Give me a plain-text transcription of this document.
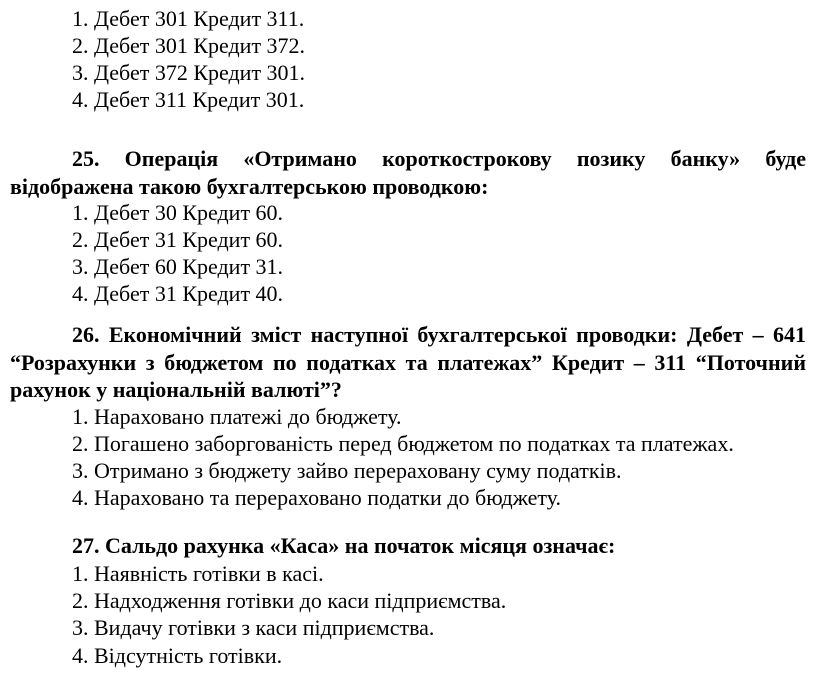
1. Дебет 301 Кредит 311.
2. Дебет 301 Кредит 372.
3. Дебет 372 Кредит 301.
4. Дебет 311 Кредит 301.
25. Операція «Отримано короткострокову позику банку» буде відображена такою бухгалтерською проводкою:
1. Дебет 30 Кредит 60.
2. Дебет 31 Кредит 60.
3. Дебет 60 Кредит 31.
4. Дебет 31 Кредит 40.
26. Економічний зміст наступної бухгалтерської проводки: Дебет – 641 “Розрахунки з бюджетом по податках та платежах” Кредит – 311 “Поточний рахунок у національній валюті”?
1. Нараховано платежі до бюджету.
2. Погашено заборгованість перед бюджетом по податках та платежах.
3. Отримано з бюджету зайво перераховану суму податків.
4. Нараховано та перераховано податки до бюджету.
27. Сальдо рахунка «Каса» на початок місяця означає:
1. Наявність готівки в касі.
2. Надходження готівки до каси підприємства.
3. Видачу готівки з каси підприємства.
4. Відсутність готівки.
